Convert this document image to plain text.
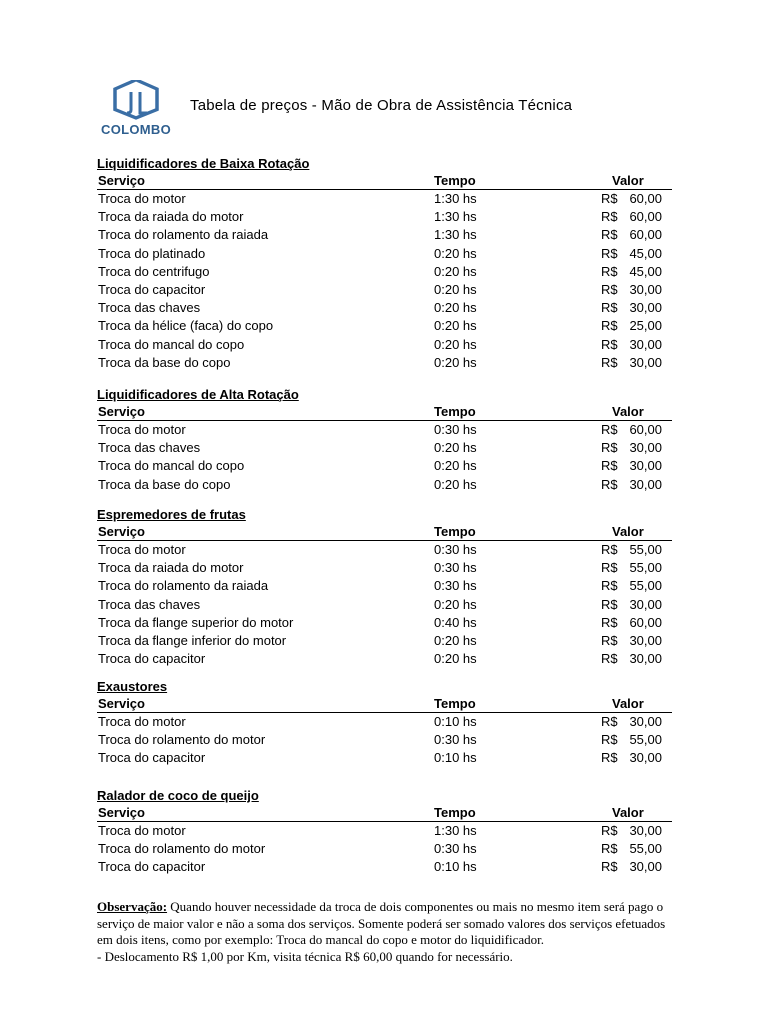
COLOMBO
Tabela de preços - Mão de Obra de Assistência Técnica
Liquidificadores de Baixa Rotação
Serviço	Tempo	Valor
Troca do motor	1:30 hs	R$ 60,00
Troca da raiada do motor	1:30 hs	R$ 60,00
Troca do rolamento da raiada	1:30 hs	R$ 60,00
Troca do platinado	0:20 hs	R$ 45,00
Troca do centrifugo	0:20 hs	R$ 45,00
Troca do capacitor	0:20 hs	R$ 30,00
Troca das chaves	0:20 hs	R$ 30,00
Troca da hélice (faca) do copo	0:20 hs	R$ 25,00
Troca do mancal do copo	0:20 hs	R$ 30,00
Troca da base do copo	0:20 hs	R$ 30,00
Liquidificadores de Alta Rotação
Serviço	Tempo	Valor
Troca do motor	0:30 hs	R$ 60,00
Troca das chaves	0:20 hs	R$ 30,00
Troca do mancal do copo	0:20 hs	R$ 30,00
Troca da base do copo	0:20 hs	R$ 30,00
Espremedores de frutas
Serviço	Tempo	Valor
Troca do motor	0:30 hs	R$ 55,00
Troca da raiada do motor	0:30 hs	R$ 55,00
Troca do rolamento da raiada	0:30 hs	R$ 55,00
Troca das chaves	0:20 hs	R$ 30,00
Troca da flange superior do motor	0:40 hs	R$ 60,00
Troca da flange inferior do motor	0:20 hs	R$ 30,00
Troca do capacitor	0:20 hs	R$ 30,00
Exaustores
Serviço	Tempo	Valor
Troca do motor	0:10 hs	R$ 30,00
Troca do rolamento do motor	0:30 hs	R$ 55,00
Troca do capacitor	0:10 hs	R$ 30,00
Ralador de coco de queijo
Serviço	Tempo	Valor
Troca do motor	1:30 hs	R$ 30,00
Troca do rolamento do motor	0:30 hs	R$ 55,00
Troca do capacitor	0:10 hs	R$ 30,00
Observação: Quando houver necessidade da troca de dois componentes ou mais no mesmo item será pago o serviço de maior valor e não a soma dos serviços. Somente poderá ser somado valores dos serviços efetuados em dois itens, como por exemplo: Troca do mancal do copo e motor do liquidificador.
- Deslocamento R$ 1,00 por Km, visita técnica R$ 60,00 quando for necessário.
